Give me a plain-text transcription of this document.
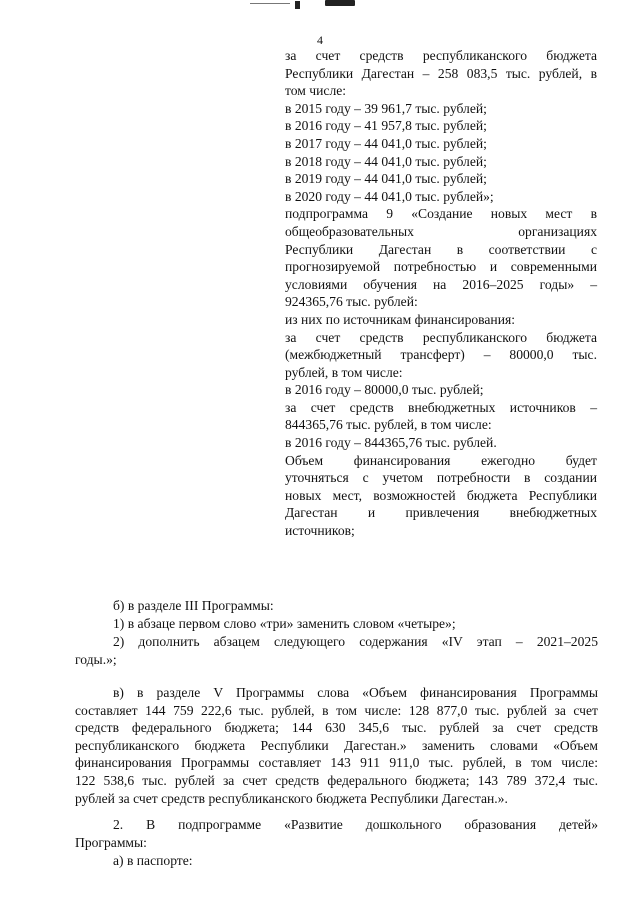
4
за счет средств республиканского бюджета
Республики Дагестан – 258 083,5 тыс. рублей, в
том числе:
в 2015 году – 39 961,7 тыс. рублей;
в 2016 году – 41 957,8 тыс. рублей;
в 2017 году – 44 041,0 тыс. рублей;
в 2018 году – 44 041,0 тыс. рублей;
в 2019 году – 44 041,0 тыс. рублей;
в 2020 году – 44 041,0 тыс. рублей»;
подпрограмма 9 «Создание новых мест в
общеобразовательных организациях
Республики Дагестан в соответствии с
прогнозируемой потребностью и современными
условиями обучения на 2016–2025 годы» –
924365,76 тыс. рублей:
из них по источникам финансирования:
за счет средств республиканского бюджета
(межбюджетный трансферт) – 80000,0 тыс.
рублей, в том числе:
в 2016 году – 80000,0 тыс. рублей;
за счет средств внебюджетных источников –
844365,76 тыс. рублей, в том числе:
в 2016 году – 844365,76 тыс. рублей.
Объем финансирования ежегодно будет
уточняться с учетом потребности в создании
новых мест, возможностей бюджета Республики
Дагестан и привлечения внебюджетных
источников;
б) в разделе III Программы:
1) в абзаце первом слово «три» заменить словом «четыре»;
2) дополнить абзацем следующего содержания «IV этап – 2021–2025
годы.»;
в) в разделе V Программы слова «Объем финансирования Программы
составляет 144 759 222,6 тыс. рублей, в том числе: 128 877,0 тыс. рублей за счет
средств федерального бюджета; 144 630 345,6 тыс. рублей за счет средств
республиканского бюджета Республики Дагестан.» заменить словами «Объем
финансирования Программы составляет 143 911 911,0 тыс. рублей, в том числе:
122 538,6 тыс. рублей за счет средств федерального бюджета; 143 789 372,4 тыс.
рублей за счет средств республиканского бюджета Республики Дагестан.».
2. В подпрограмме «Развитие дошкольного образования детей»
Программы:
а) в паспорте:
